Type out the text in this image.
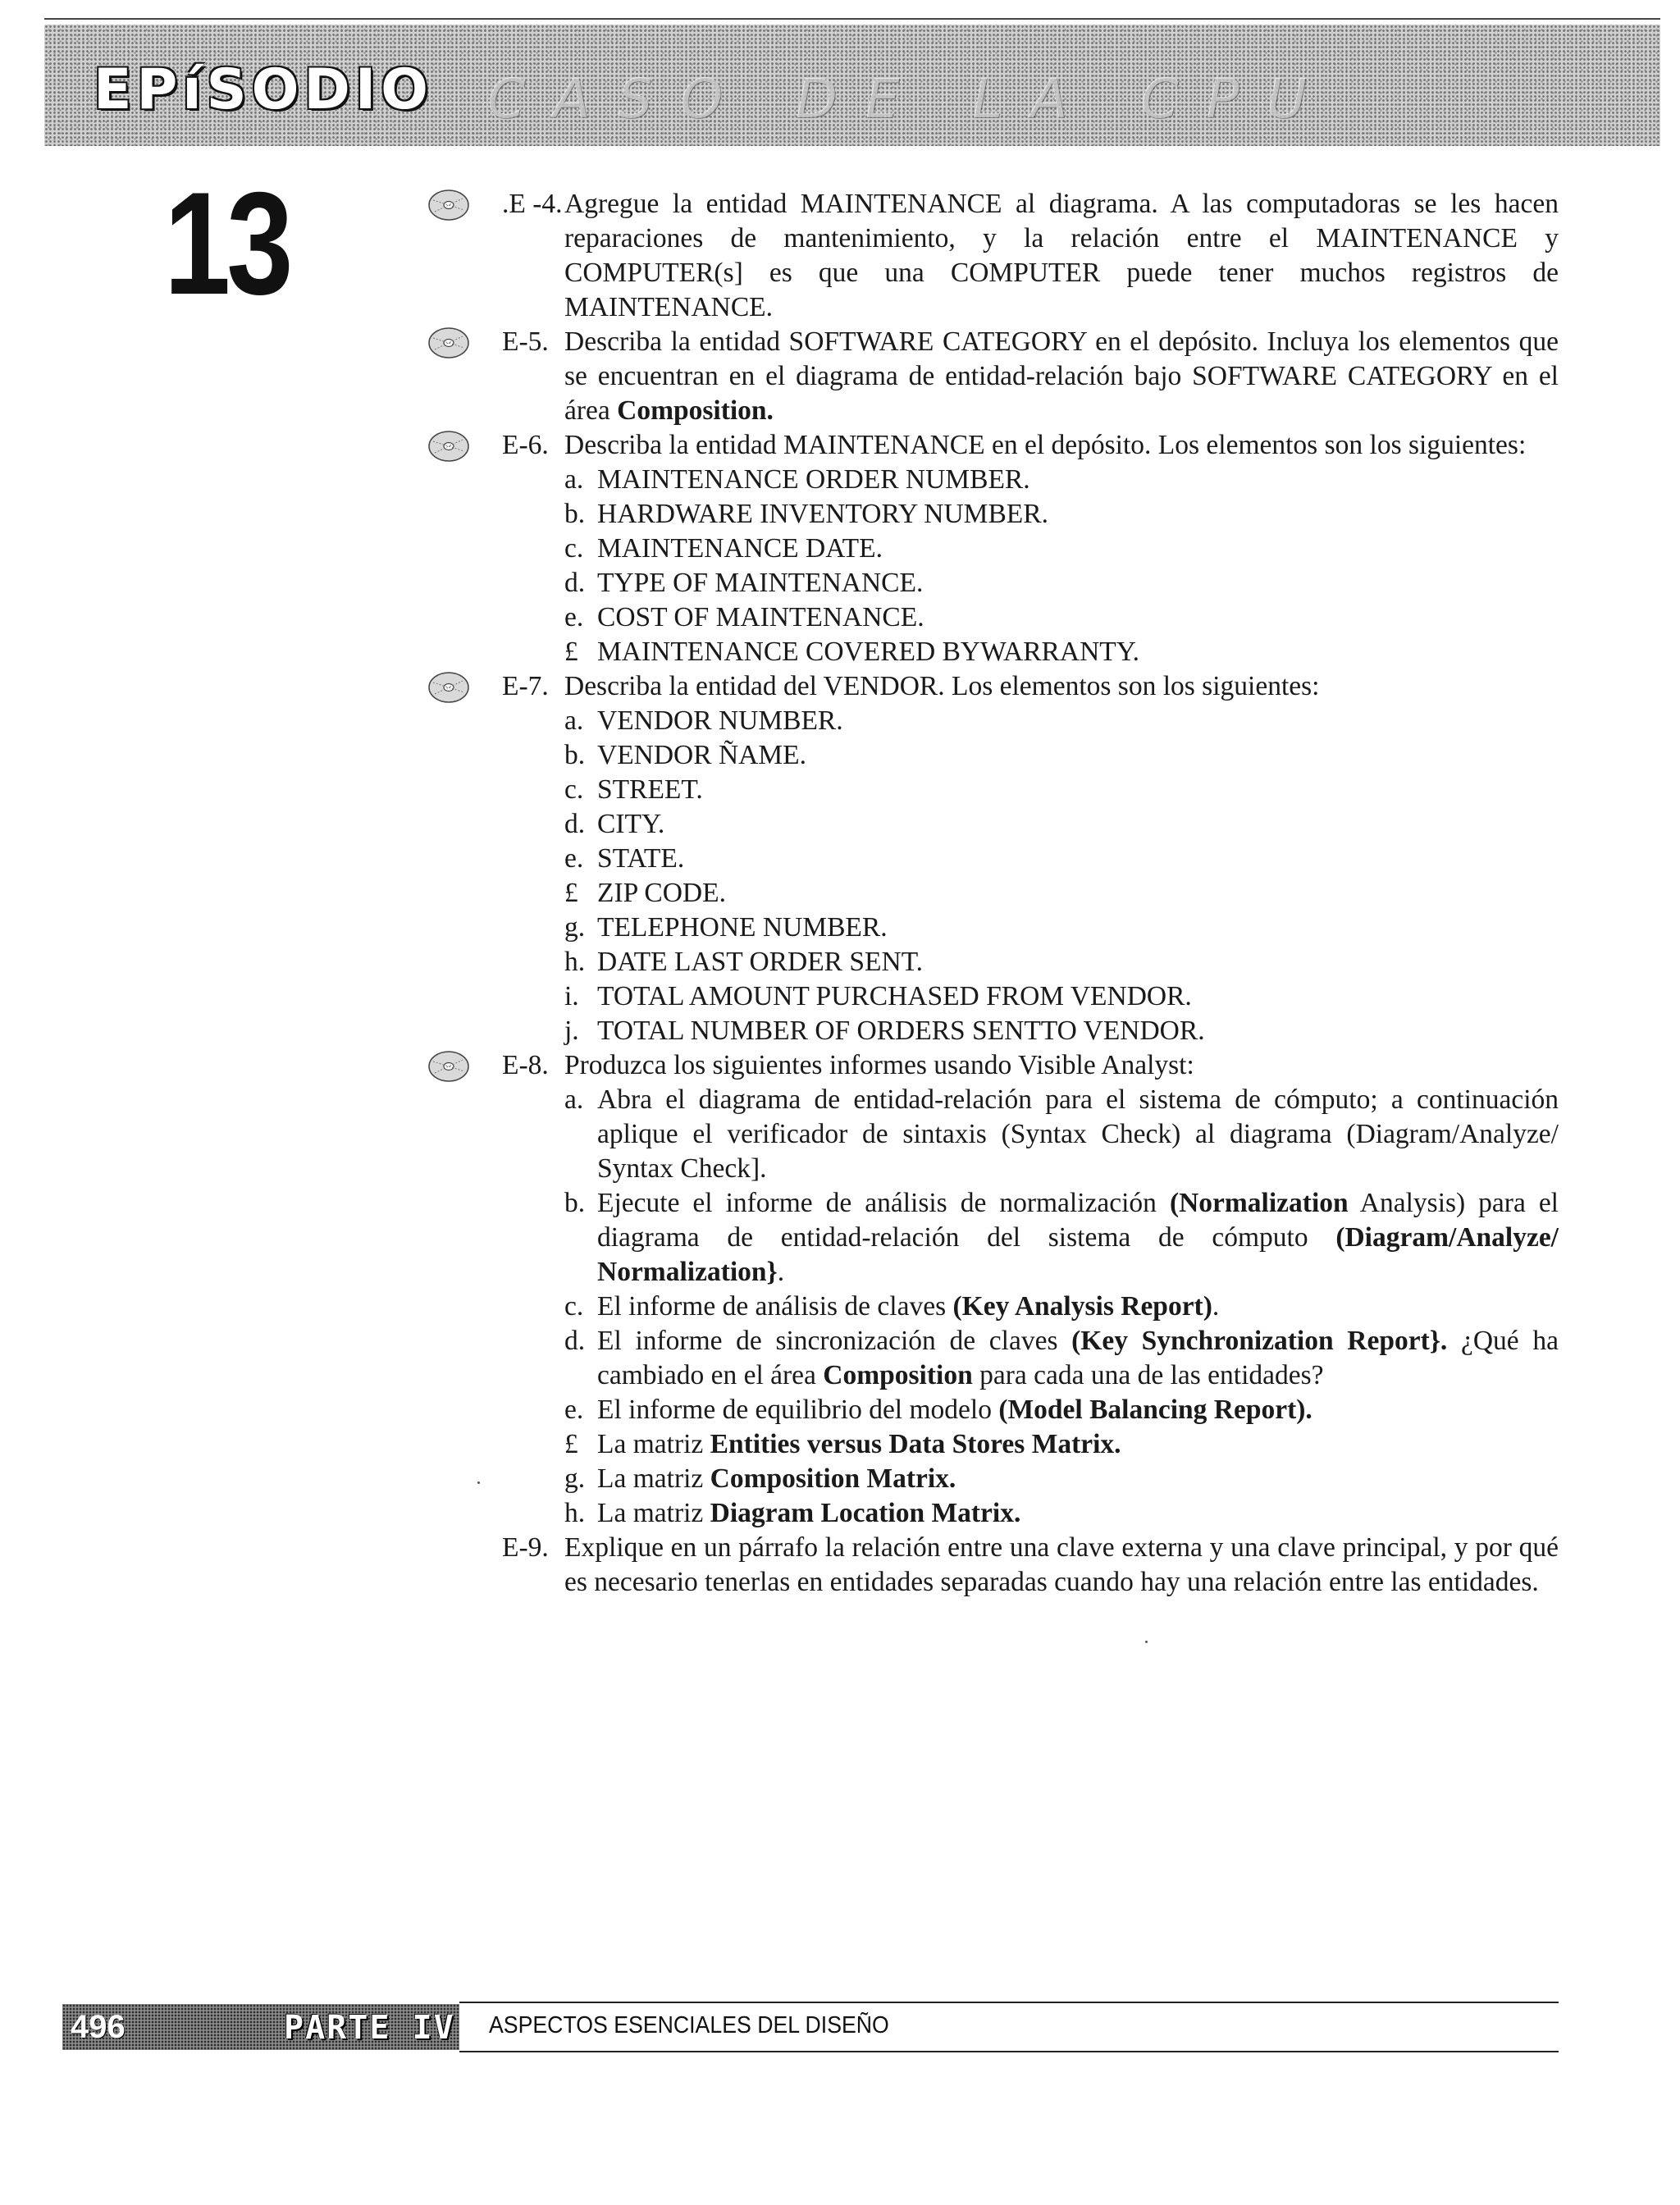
EPíSODIO CASO DE LA CPU
13	.E -4. Agregue la entidad MAINTENANCE al diagrama. A las computadoras se les hacen reparaciones de mantenimiento, y la relación entre el MAINTENANCE y COMPUTER(s] es que una COMPUTER puede tener muchos registros de MAINTENANCE.
E-5. Describa la entidad SOFTWARE CATEGORY en el depósito. Incluya los elementos que se encuentran en el diagrama de entidad-relación bajo SOFTWARE CATEGORY en el área Composition.
E-6. Describa la entidad MAINTENANCE en el depósito. Los elementos son los siguientes:
a. MAINTENANCE ORDER NUMBER.
b. HARDWARE INVENTORY NUMBER.
c. MAINTENANCE DATE.
d. TYPE OF MAINTENANCE.
e. COST OF MAINTENANCE.
£ MAINTENANCE COVERED BYWARRANTY.
E-7. Describa la entidad del VENDOR. Los elementos son los siguientes:
a. VENDOR NUMBER.
b. VENDOR ÑAME.
c. STREET.
d. CITY.
e. STATE.
£ ZIP CODE.
g. TELEPHONE NUMBER.
h. DATE LAST ORDER SENT.
i. TOTAL AMOUNT PURCHASED FROM VENDOR.
j. TOTAL NUMBER OF ORDERS SENTTO VENDOR.
E-8. Produzca los siguientes informes usando Visible Analyst:
a. Abra el diagrama de entidad-relación para el sistema de cómputo; a continuación aplique el verificador de sintaxis (Syntax Check) al diagrama (Diagram/Analyze/ Syntax Check].
b. Ejecute el informe de análisis de normalización (Normalization Analysis) para el diagrama de entidad-relación del sistema de cómputo (Diagram/Analyze/ Normalization}.
c. El informe de análisis de claves (Key Analysis Report).
d. El informe de sincronización de claves (Key Synchronization Report}. ¿Qué ha cambiado en el área Composition para cada una de las entidades?
e. El informe de equilibrio del modelo (Model Balancing Report).
£ La matriz Entities versus Data Stores Matrix.
g. La matriz Composition Matrix.
h. La matriz Diagram Location Matrix.
E-9. Explique en un párrafo la relación entre una clave externa y una clave principal, y por qué es necesario tenerlas en entidades separadas cuando hay una relación entre las entidades.
496	PARTE IV ASPECTOS ESENCIALES DEL DISEÑO
